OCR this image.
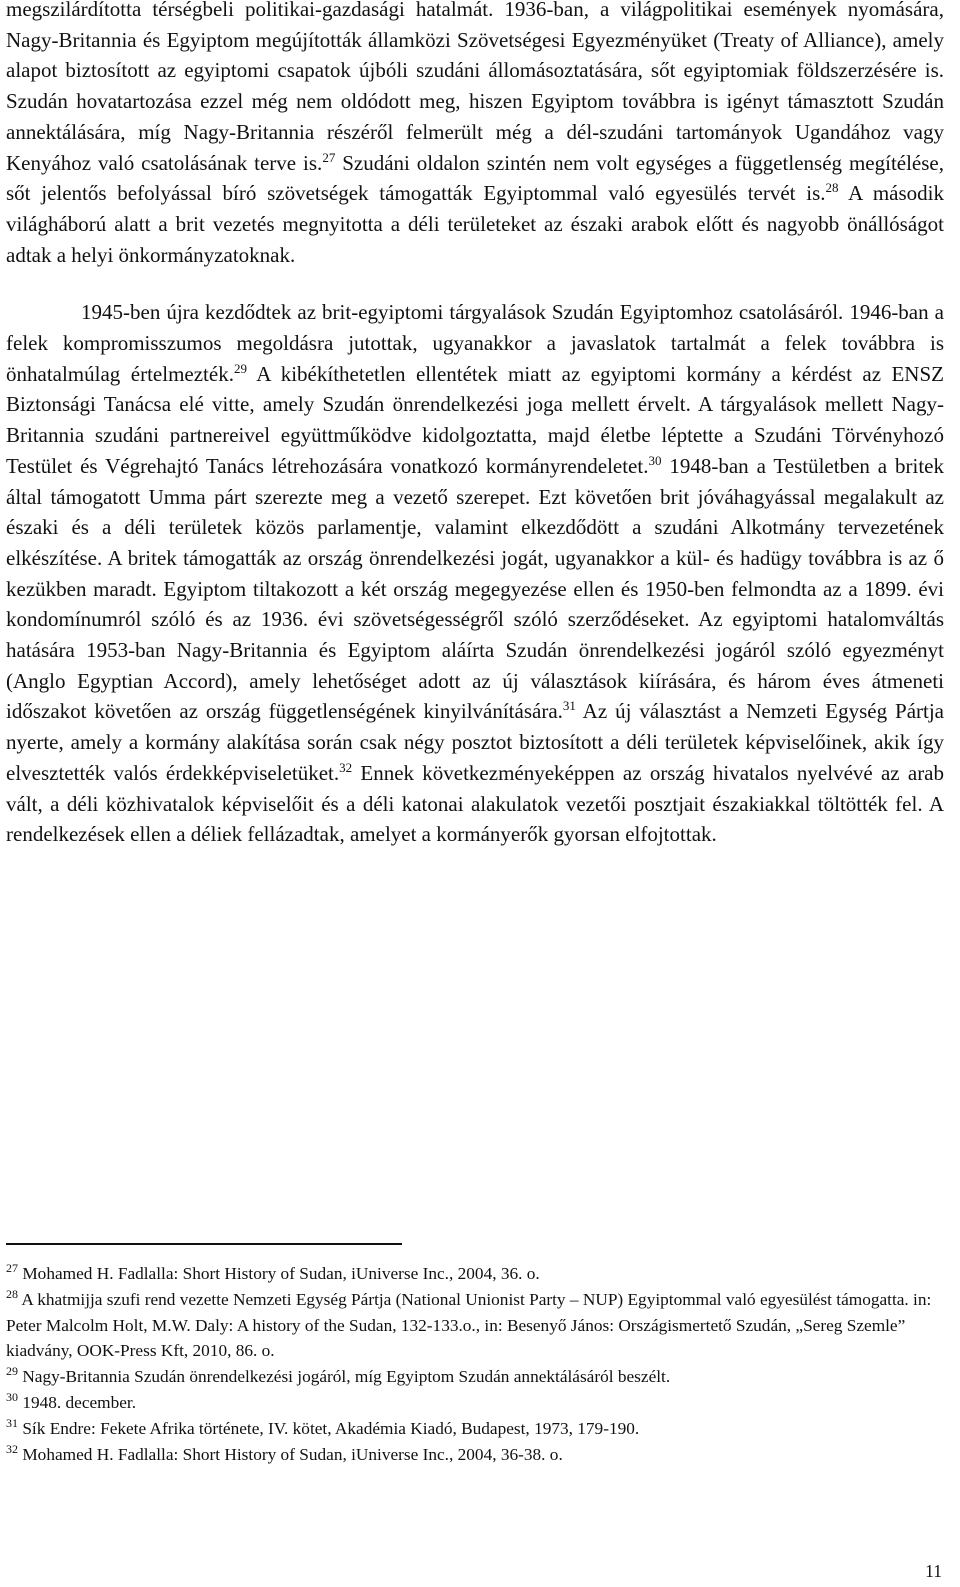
megszilárdította térségbeli politikai-gazdasági hatalmát. 1936-ban, a világpolitikai események nyomására, Nagy-Britannia és Egyiptom megújították államközi Szövetségesi Egyezményüket (Treaty of Alliance), amely alapot biztosított az egyiptomi csapatok újbóli szudáni állomásoztatására, sőt egyiptomiak földszerzésére is. Szudán hovatartozása ezzel még nem oldódott meg, hiszen Egyiptom továbbra is igényt támasztott Szudán annektálására, míg Nagy-Britannia részéről felmerült még a dél-szudáni tartományok Ugandához vagy Kenyához való csatolásának terve is.$^{27}$ Szudáni oldalon szintén nem volt egységes a függetlenség megítélése, sőt jelentős befolyással bíró szövetségek támogatták Egyiptommal való egyesülés tervét is.$^{28}$ A második világháború alatt a brit vezetés megnyitotta a déli területeket az északi arabok előtt és nagyobb önállóságot adtak a helyi önkormányzatoknak.

1945-ben újra kezdődtek az brit-egyiptomi tárgyalások Szudán Egyiptomhoz csatolásáról. 1946-ban a felek kompromisszumos megoldásra jutottak, ugyanakkor a javaslatok tartalmát a felek továbbra is önhatalmúlag értelmezték.$^{29}$ A kibékíthetetlen ellentétek miatt az egyiptomi kormány a kérdést az ENSZ Biztonsági Tanácsa elé vitte, amely Szudán önrendelkezési joga mellett érvelt. A tárgyalások mellett Nagy-Britannia szudáni partnereivel együttműködve kidolgoztatta, majd életbe léptette a Szudáni Törvényhozó Testület és Végrehajtó Tanács létrehozására vonatkozó kormányrendeletet.$^{30}$ 1948-ban a Testületben a britek által támogatott Umma párt szerezte meg a vezető szerepet. Ezt követően brit jóváhagyással megalakult az északi és a déli területek közös parlamentje, valamint elkezdődött a szudáni Alkotmány tervezetének elkészítése. A britek támogatták az ország önrendelkezési jogát, ugyanakkor a kül- és hadügy továbbra is az ő kezükben maradt. Egyiptom tiltakozott a két ország megegyezése ellen és 1950-ben felmondta az a 1899. évi kondomínumról szóló és az 1936. évi szövetségességről szóló szerződéseket. Az egyiptomi hatalomváltás hatására 1953-ban Nagy-Britannia és Egyiptom aláírta Szudán önrendelkezési jogáról szóló egyezményt (Anglo Egyptian Accord), amely lehetőséget adott az új választások kiírására, és három éves átmeneti időszakot követően az ország függetlenségének kinyilvánítására.$^{31}$ Az új választást a Nemzeti Egység Pártja nyerte, amely a kormány alakítása során csak négy posztot biztosított a déli területek képviselőinek, akik így elvesztették valós érdekképviseletüket.$^{32}$ Ennek következményeképpen az ország hivatalos nyelvévé az arab vált, a déli közhivatalok képviselőit és a déli katonai alakulatok vezetői posztjait északiakkal töltötték fel. A rendelkezések ellen a déliek fellázadtak, amelyet a kormányerők gyorsan elfojtottak.

$^{27}$ Mohamed H. Fadlalla: Short History of Sudan, iUniverse Inc., 2004, 36. o.

$^{28}$ A khatmijja szufi rend vezette Nemzeti Egység Pártja (National Unionist Party – NUP) Egyiptommal való egyesülést támogatta. in: Peter Malcolm Holt, M.W. Daly: A history of the Sudan, 132-133.o., in: Besenyő János: Országismertető Szudán, „Sereg Szemle” kiadvány, OOK-Press Kft, 2010, 86. o.

$^{29}$ Nagy-Britannia Szudán önrendelkezési jogáról, míg Egyiptom Szudán annektálásáról beszélt.

$^{30}$ 1948. december.

$^{31}$ Sík Endre: Fekete Afrika története, IV. kötet, Akadémia Kiadó, Budapest, 1973, 179-190.

$^{32}$ Mohamed H. Fadlalla: Short History of Sudan, iUniverse Inc., 2004, 36-38. o.

11
